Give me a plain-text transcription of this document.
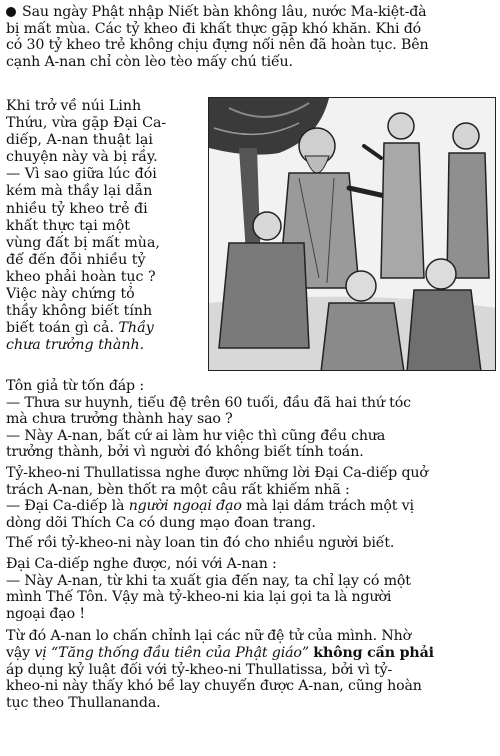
Sau ngày Phật nhập Niết bàn không lâu, nước Ma-kiệt-đà
bị mất mùa. Các tỷ kheo đi khất thực gặp khó khăn. Khi đó
có 30 tỷ kheo trẻ không chịu đựng nổi nên đã hoàn tục. Bên
cạnh A-nan chỉ còn lèo tèo mấy chú tiểu.
Khi trở về núi Linh
Thứu, vừa gặp Đại Ca-
diếp, A-nan thuật lại
chuyện này và bị rầy.
— Vì sao giữa lúc đói
kém mà thầy lại dẫn
nhiều tỷ kheo trẻ đi
khất thực tại một
vùng đất bị mất mùa,
để đến đỗi nhiều tỷ
kheo phải hoàn tục ?
Việc này chứng tỏ
thầy không biết tính
biết toán gì cả. Thầy
chưa trưởng thành.
Tôn giả từ tốn đáp :
— Thưa sư huynh, tiểu đệ trên 60 tuổi, đầu đã hai thứ tóc
mà chưa trưởng thành hay sao ?
— Này A-nan, bất cứ ai làm hư việc thì cũng đều chưa
trưởng thành, bởi vì người đó không biết tính toán.
Tỷ-kheo-ni Thullatissa nghe được những lời Đại Ca-diếp quở
trách A-nan, bèn thốt ra một câu rất khiếm nhã :
— Đại Ca-diếp là người ngoại đạo mà lại dám trách một vị
dòng dõi Thích Ca có dung mạo đoan trang.
Thế rồi tỷ-kheo-ni này loan tin đó cho nhiều người biết.
Đại Ca-diếp nghe được, nói với A-nan :
— Này A-nan, từ khi ta xuất gia đến nay, ta chỉ lạy có một
mình Thế Tôn. Vậy mà tỷ-kheo-ni kia lại gọi ta là người
ngoại đạo !
Từ đó A-nan lo chấn chỉnh lại các nữ đệ tử của mình. Nhờ
vậy vị “Tăng thống đầu tiên của Phật giáo” không cần phải
áp dụng kỷ luật đối với tỷ-kheo-ni Thullatissa, bởi vì tỷ-
kheo-ni này thấy khó bề lay chuyển được A-nan, cũng hoàn
tục theo Thullananda.
